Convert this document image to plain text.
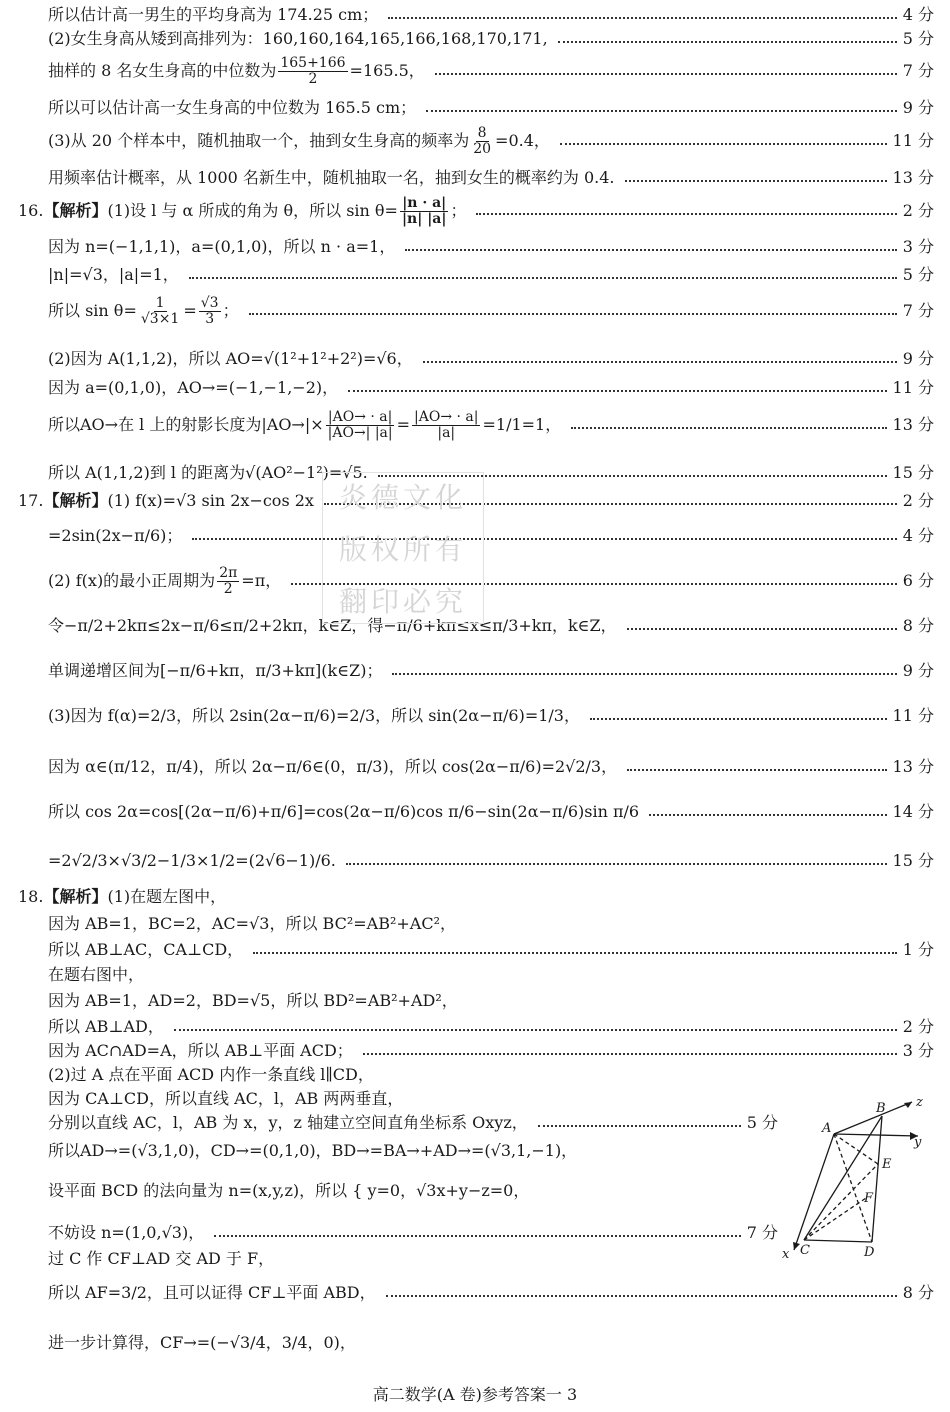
所以估计高一男生的平均身高为 174.25 cm；	4 分
(2)女生身高从矮到高排列为：160,160,164,165,166,168,170,171,	5 分
抽样的 8 名女生身高的中位数为 $\frac{165+166}{2} =165.5$，	7 分
所以可以估计高一女生身高的中位数为 165.5 cm；	9 分
(3)从 20 个样本中，随机抽取一个，抽到女生身高的频率为 $\frac{8}{20} =0.4$，	11 分
用频率估计概率，从 1000 名新生中，随机抽取一名，抽到女生的概率约为 0.4.	13 分
16. 【解析】 (1)设 l 与 α 所成的角为 θ，所以 $\sin \theta= \frac{|n \cdot a|}{|n| |a|}$ ；	2 分
因为 n=(−1,1,1)，a=(0,1,0)，所以 n · a=1，	3 分
|n|=√3，|a|=1，	5 分
所以 $\sin \theta= \frac{1}{√3\times 1} = \frac{√3}{3}$ ；	7 分
(2)因为 A(1,1,2)，所以 AO=√(1²+1²+2²)=√6，	9 分
因为 a=(0,1,0)，AO→=(−1,−1,−2)，	11 分
所以AO→在 l 上的射影长度为$|AO\to|\times \frac{|AO\to \cdot a|}{|AO\to| |a|} = \frac{|AO\to \cdot a|}{|a|} =1/1=1$，	13 分
所以 A(1,1,2)到 l 的距离为√(AO²−1²)=√5.	15 分
17. 【解析】 (1) f(x)=√3 sin 2x−cos 2x	2 分
=2sin(2x−π/6)；	4 分
(2) f(x)的最小正周期为 $\frac{2\pi}{2} =\pi$，	6 分
令−π/2+2kπ≤2x−π/6≤π/2+2kπ，k∈Z，得−π/6+kπ≤x≤π/3+kπ，k∈Z，	8 分
单调递增区间为[−π/6+kπ，π/3+kπ](k∈Z)；	9 分
(3)因为 f(α)=2/3，所以 2sin(2α−π/6)=2/3，所以 sin(2α−π/6)=1/3，	11 分
因为 α∈(π/12，π/4)，所以 2α−π/6∈(0，π/3)，所以 cos(2α−π/6)=2√2/3，	13 分
所以 cos 2α=cos[(2α−π/6)+π/6]=cos(2α−π/6)cos π/6−sin(2α−π/6)sin π/6	14 分
=2√2/3×√3/2−1/3×1/2=(2√6−1)/6.	15 分
18. 【解析】 (1)在题左图中，
因为 AB=1，BC=2，AC=√3，所以 BC²=AB²+AC²，
所以 AB⊥AC，CA⊥CD，	1 分
在题右图中，
因为 AB=1，AD=2，BD=√5，所以 BD²=AB²+AD²，
所以 AB⊥AD，	2 分
因为 AC∩AD=A，所以 AB⊥平面 ACD；	3 分
(2)过 A 点在平面 ACD 内作一条直线 l∥CD，
因为 CA⊥CD，所以直线 AC，l，AB 两两垂直，
分别以直线 AC，l，AB 为 x，y，z 轴建立空间直角坐标系 Oxyz，	5 分
所以AD→=(√3,1,0)，CD→=(0,1,0)，BD→=BA→+AD→=(√3,1,−1)，
设平面 BCD 的法向量为 n=(x,y,z)，所以 { y=0，√3x+y−z=0，
不妨设 n=(1,0,√3)，	7 分
过 C 作 CF⊥AD 交 AD 于 F，
所以 AF=3/2，且可以证得 CF⊥平面 ABD，	8 分
进一步计算得，CF→=(−√3/4，3/4，0)，
炎德文化
版权所有
翻印必究
A
B
C	D
E
F
x
y
z
高二数学(A 卷)参考答案一 3
